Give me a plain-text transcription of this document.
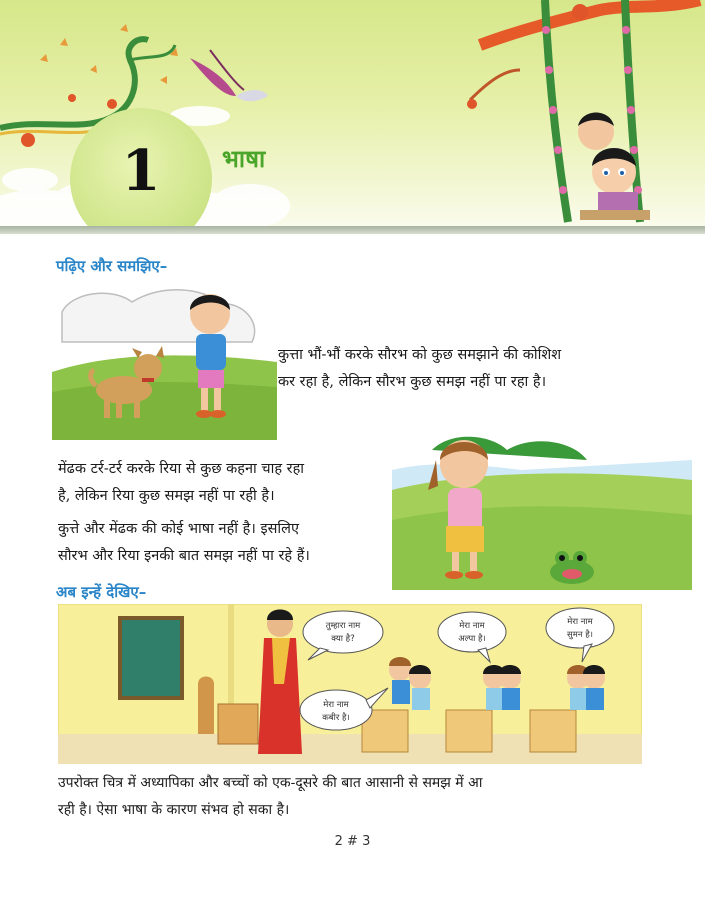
1	भाषा
पढ़िए और समझिए–
कुत्ता भौं-भौं करके सौरभ को कुछ समझाने की कोशिश
कर रहा है, लेकिन सौरभ कुछ समझ नहीं पा रहा है।
मेंढक टर्र-टर्र करके रिया से कुछ कहना चाह रहा
है, लेकिन रिया कुछ समझ नहीं पा रही है।
कुत्ते और मेंढक की कोई भाषा नहीं है। इसलिए
सौरभ और रिया इनकी बात समझ नहीं पा रहे हैं।
अब इन्हें देखिए–
तुम्हारा नाम
क्या है?
मेरा नाम
कबीर है।
मेरा नाम
अल्पा है।
मेरा नाम
सुमन है।
उपरोक्त चित्र में अध्यापिका और बच्चों को एक-दूसरे की बात आसानी से समझ में आ
रही है। ऐसा भाषा के कारण संभव हो सका है।
2 # 3
